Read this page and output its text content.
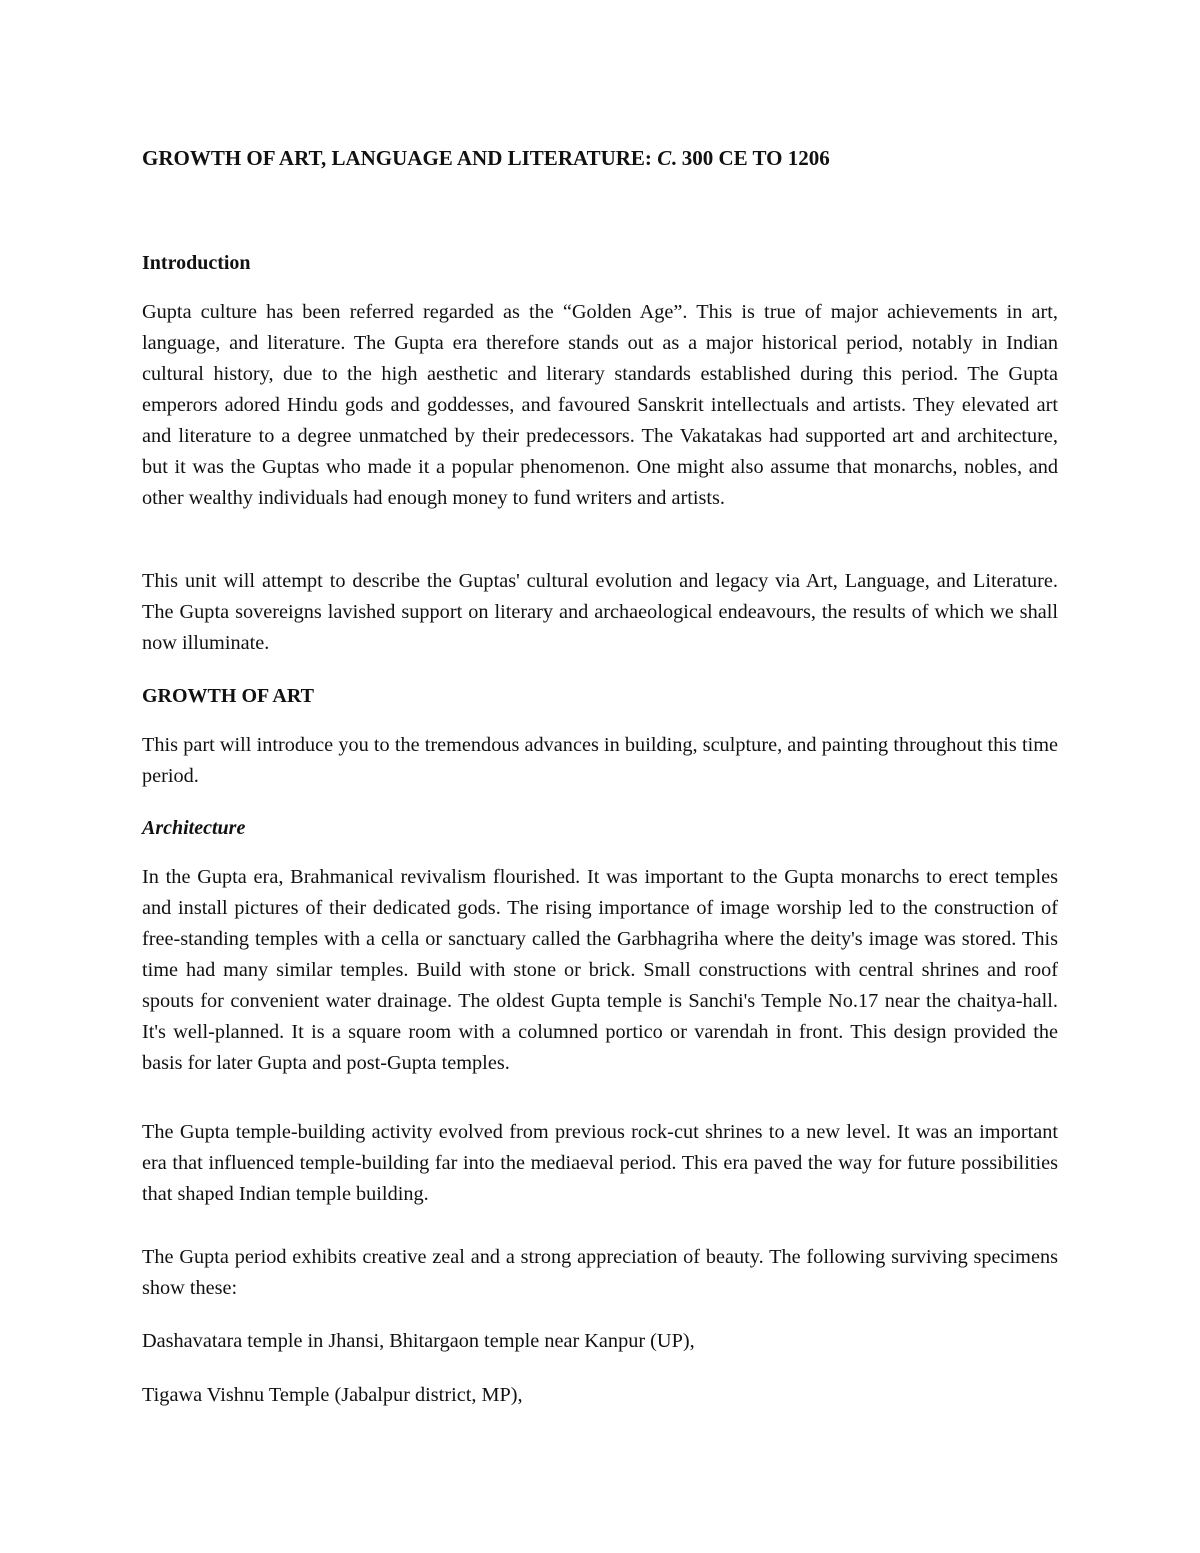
GROWTH OF ART, LANGUAGE AND LITERATURE: C. 300 CE TO 1206
Introduction

Gupta culture has been referred regarded as the “Golden Age”. This is true of major achievements in art, language, and literature. The Gupta era therefore stands out as a major historical period, notably in Indian cultural history, due to the high aesthetic and literary standards established during this period. The Gupta emperors adored Hindu gods and goddesses, and favoured Sanskrit intellectuals and artists. They elevated art and literature to a degree unmatched by their predecessors. The Vakatakas had supported art and architecture, but it was the Guptas who made it a popular phenomenon. One might also assume that monarchs, nobles, and other wealthy individuals had enough money to fund writers and artists.

This unit will attempt to describe the Guptas' cultural evolution and legacy via Art, Language, and Literature. The Gupta sovereigns lavished support on literary and archaeological endeavours, the results of which we shall now illuminate.

GROWTH OF ART

This part will introduce you to the tremendous advances in building, sculpture, and painting throughout this time period.

Architecture

In the Gupta era, Brahmanical revivalism flourished. It was important to the Gupta monarchs to erect temples and install pictures of their dedicated gods. The rising importance of image worship led to the construction of free-standing temples with a cella or sanctuary called the Garbhagriha where the deity's image was stored. This time had many similar temples. Build with stone or brick. Small constructions with central shrines and roof spouts for convenient water drainage. The oldest Gupta temple is Sanchi's Temple No.17 near the chaitya-hall. It's well-planned. It is a square room with a columned portico or varendah in front. This design provided the basis for later Gupta and post-Gupta temples.

The Gupta temple-building activity evolved from previous rock-cut shrines to a new level. It was an important era that influenced temple-building far into the mediaeval period. This era paved the way for future possibilities that shaped Indian temple building.

The Gupta period exhibits creative zeal and a strong appreciation of beauty. The following surviving specimens show these:

Dashavatara temple in Jhansi, Bhitargaon temple near Kanpur (UP),

Tigawa Vishnu Temple (Jabalpur district, MP),
